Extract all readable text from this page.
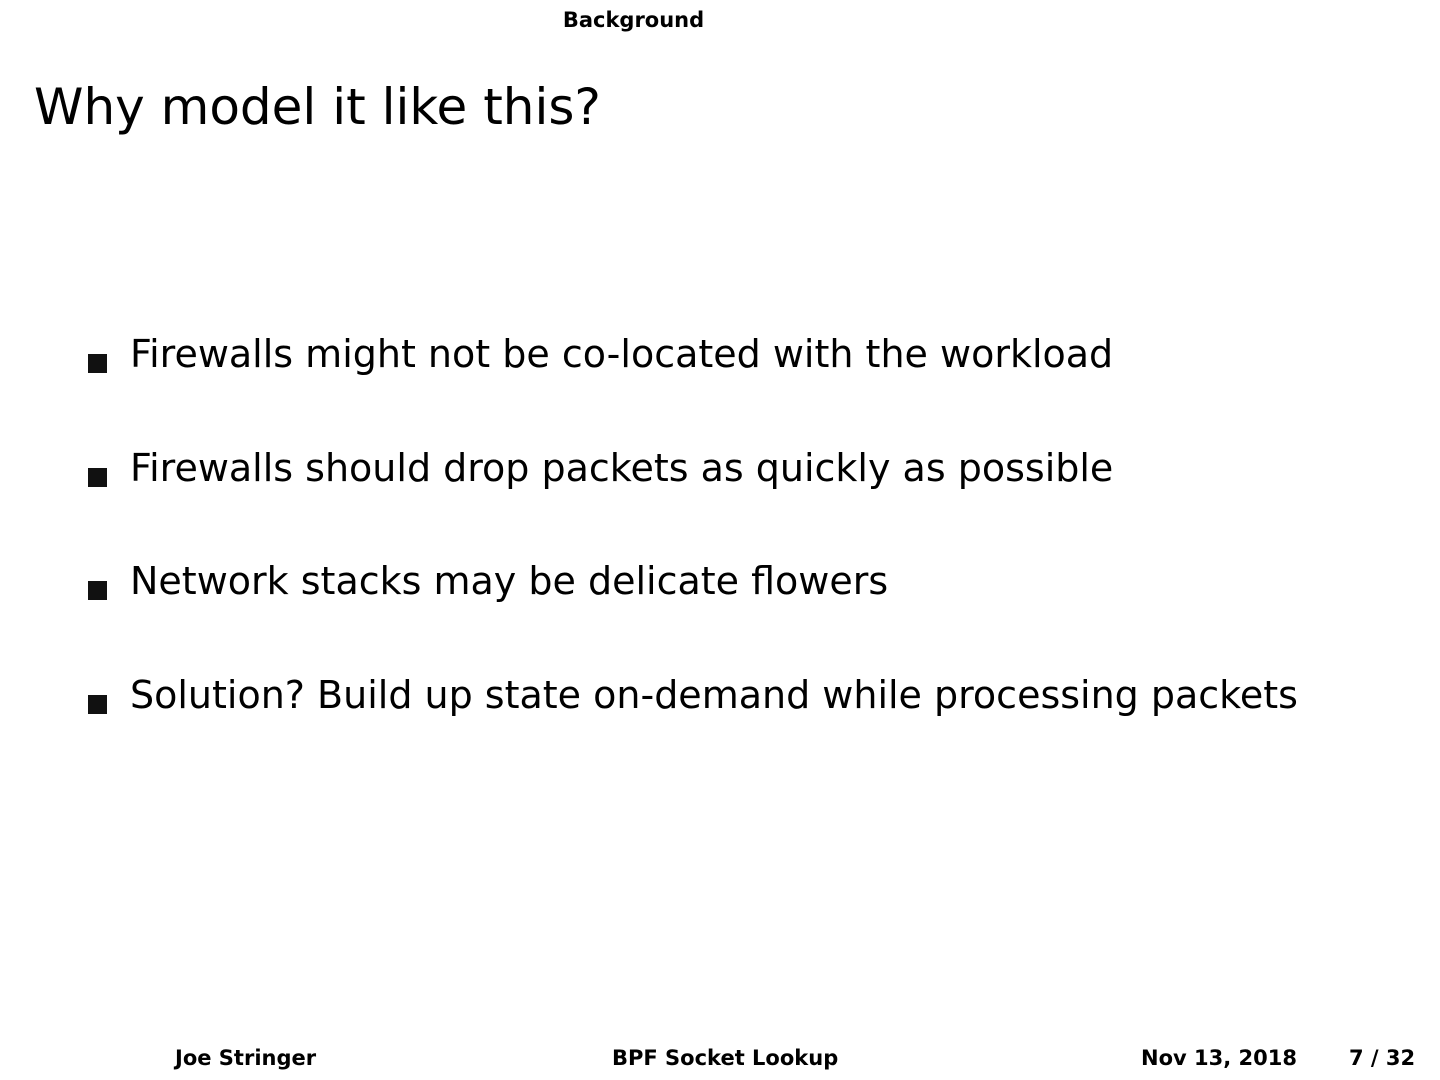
Background
Why model it like this?
Firewalls might not be co-located with the workload
Firewalls should drop packets as quickly as possible
Network stacks may be delicate flowers
Solution? Build up state on-demand while processing packets
Joe Stringer	BPF Socket Lookup	Nov 13, 2018 7 / 32
